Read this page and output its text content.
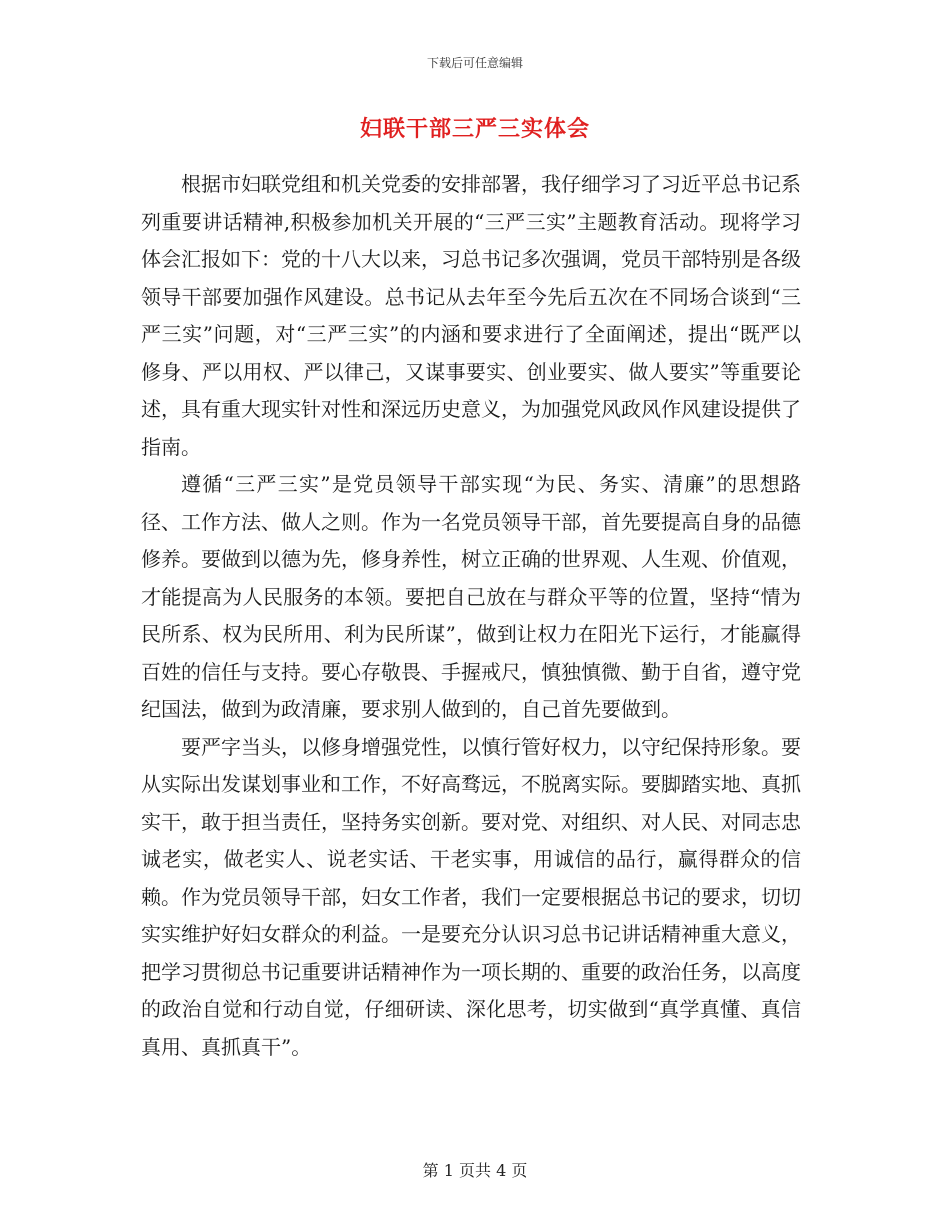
下载后可任意编辑
妇联干部三严三实体会

根据市妇联党组和机关党委的安排部署，我仔细学习了习近平总书记系列重要讲话精神,积极参加机关开展的“三严三实”主题教育活动。现将学习体会汇报如下：党的十八大以来，习总书记多次强调，党员干部特别是各级领导干部要加强作风建设。总书记从去年至今先后五次在不同场合谈到“三严三实”问题，对“三严三实”的内涵和要求进行了全面阐述，提出“既严以修身、严以用权、严以律己，又谋事要实、创业要实、做人要实”等重要论述，具有重大现实针对性和深远历史意义，为加强党风政风作风建设提供了指南。

遵循“三严三实”是党员领导干部实现“为民、务实、清廉”的思想路径、工作方法、做人之则。作为一名党员领导干部，首先要提高自身的品德修养。要做到以德为先，修身养性，树立正确的世界观、人生观、价值观，才能提高为人民服务的本领。要把自己放在与群众平等的位置，坚持“情为民所系、权为民所用、利为民所谋”，做到让权力在阳光下运行，才能赢得百姓的信任与支持。要心存敬畏、手握戒尺，慎独慎微、勤于自省，遵守党纪国法，做到为政清廉，要求别人做到的，自己首先要做到。

要严字当头，以修身增强党性，以慎行管好权力，以守纪保持形象。要从实际出发谋划事业和工作，不好高骛远，不脱离实际。要脚踏实地、真抓实干，敢于担当责任，坚持务实创新。要对党、对组织、对人民、对同志忠诚老实，做老实人、说老实话、干老实事，用诚信的品行，赢得群众的信赖。作为党员领导干部，妇女工作者，我们一定要根据总书记的要求，切切实实维护好妇女群众的利益。一是要充分认识习总书记讲话精神重大意义，把学习贯彻总书记重要讲话精神作为一项长期的、重要的政治任务，以高度的政治自觉和行动自觉，仔细研读、深化思考，切实做到“真学真懂、真信真用、真抓真干”。

第 1 页共 4 页
